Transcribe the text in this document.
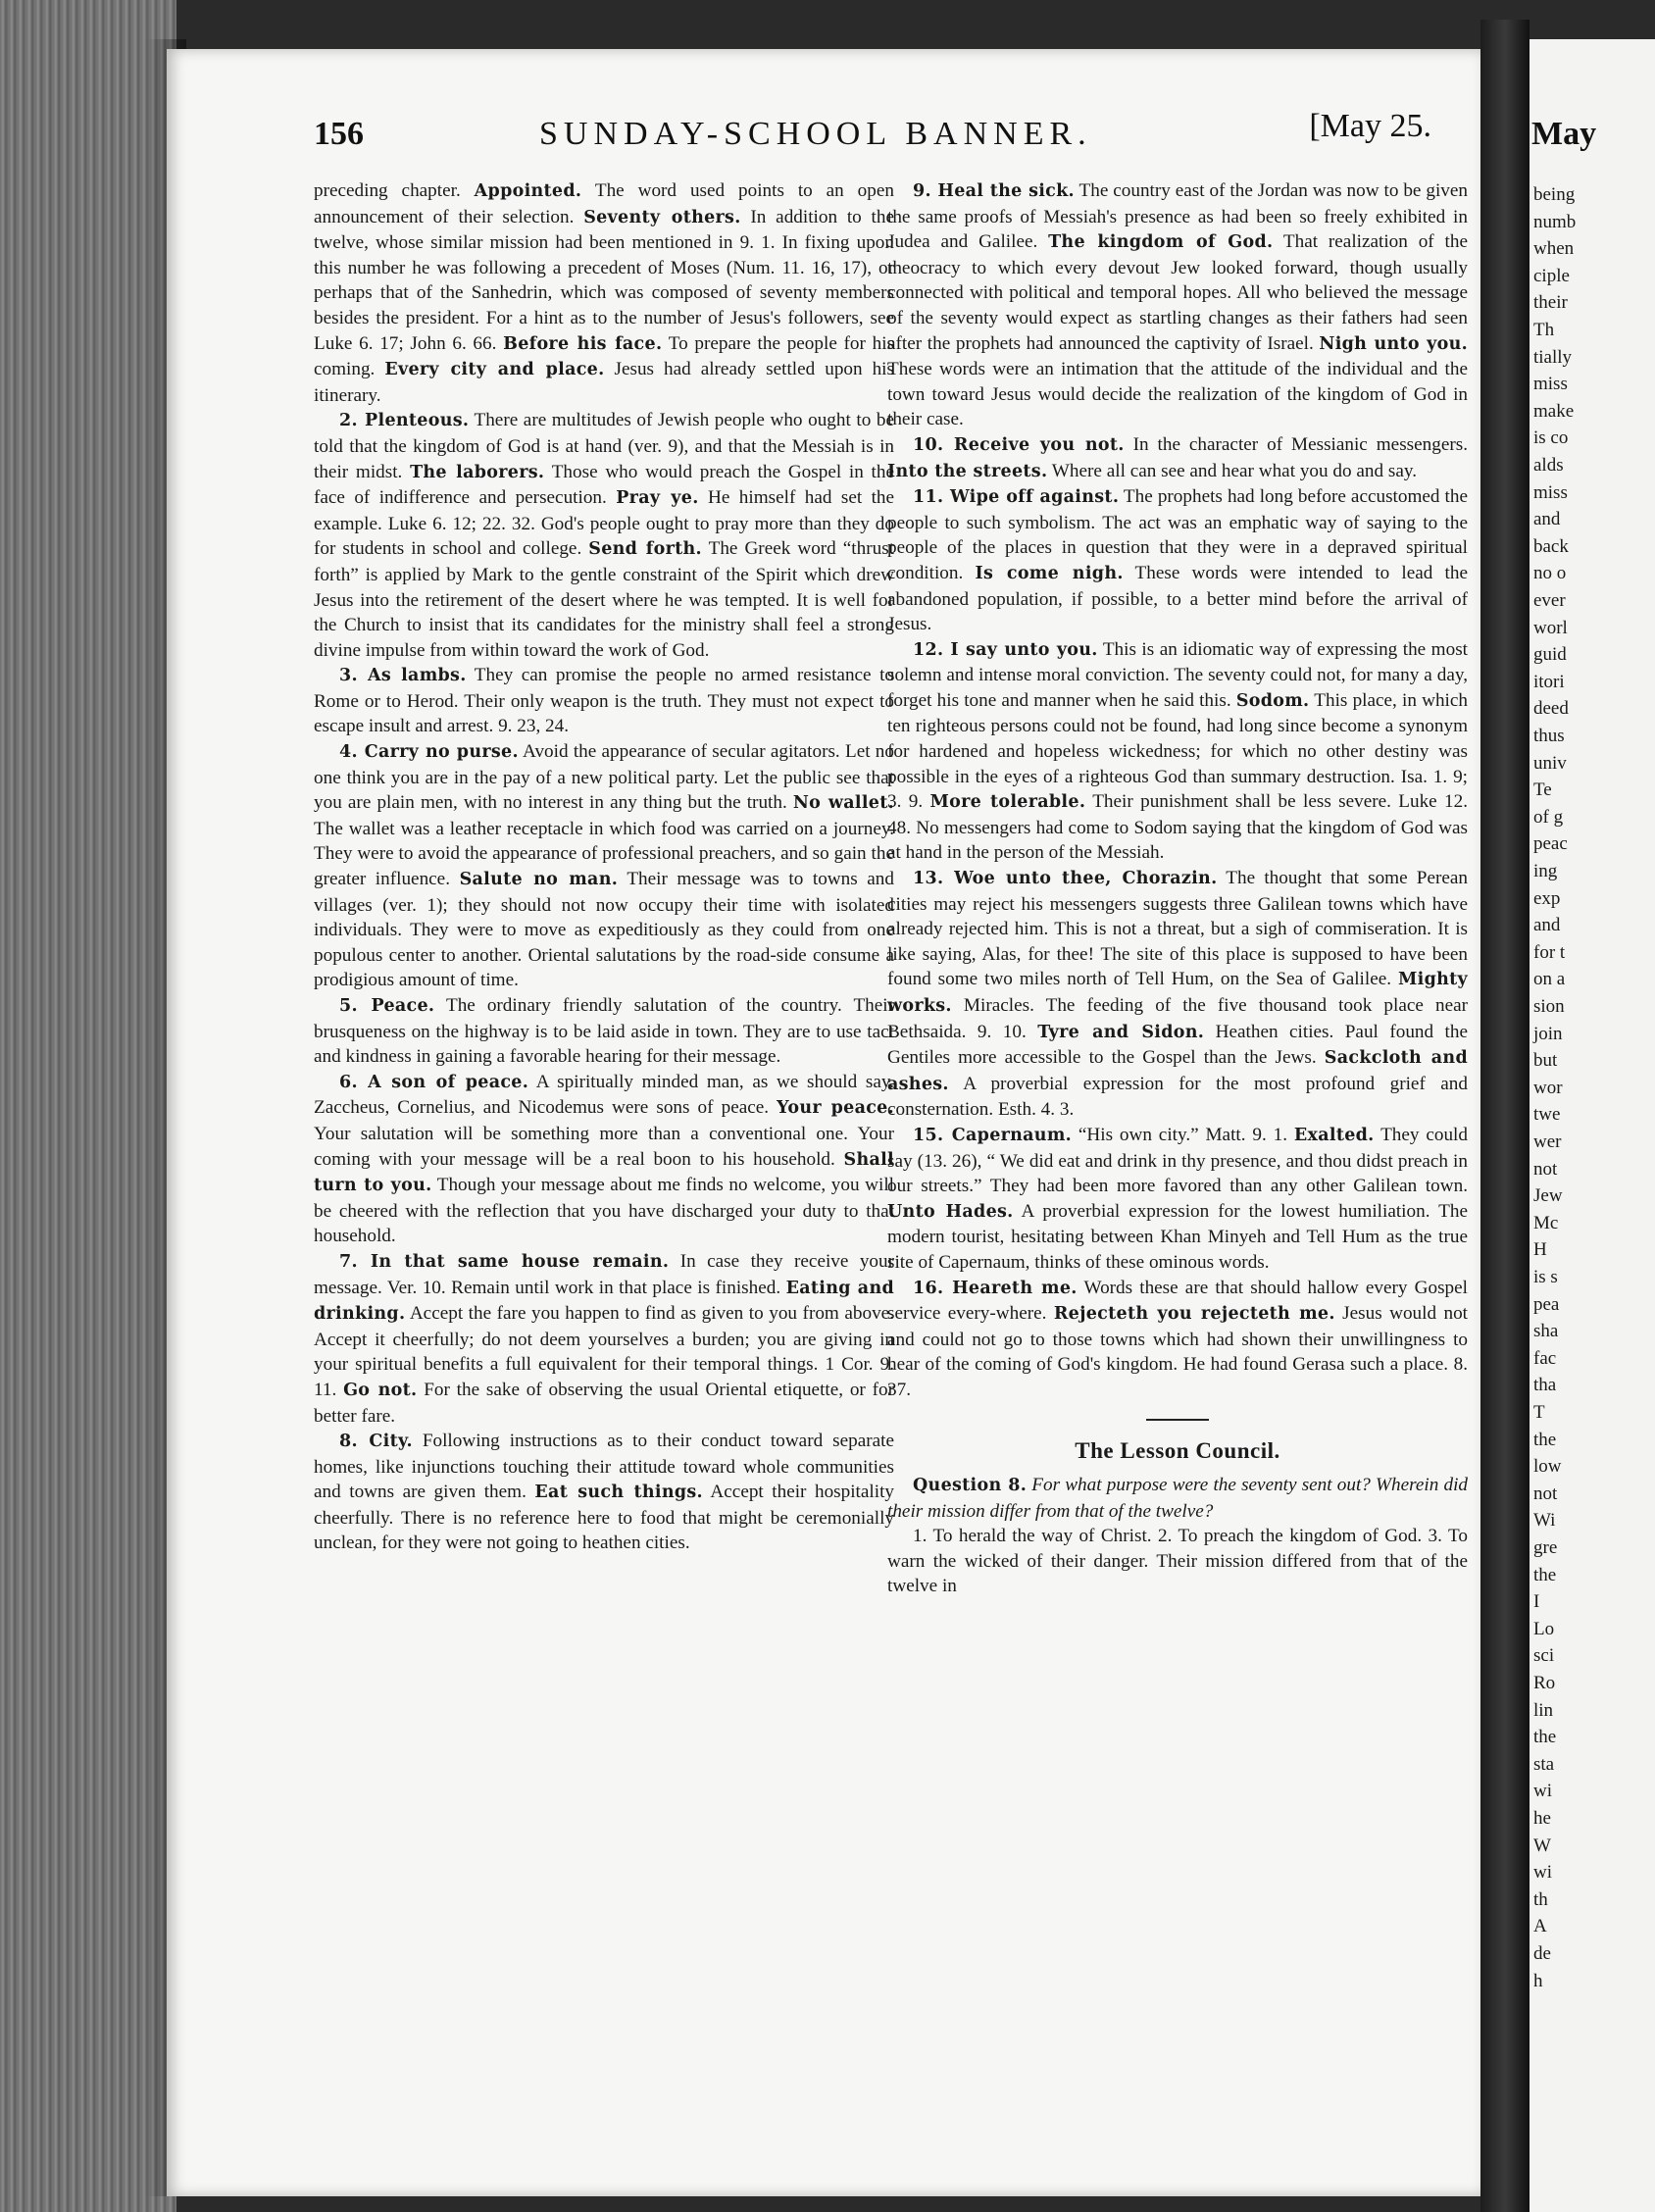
May
being
numb
when
ciple
their
Th
tially
miss
make
is co
alds
miss
and
back
no o
ever
worl
guid
itori
deed
thus
univ
Te
of g
peac
ing
exp
and
for t
on a
sion
join
but
wor
twe
wer
not
Jew
Mc
H
is s
pea
sha
fac
tha
T
the
low
not
Wi
gre
the
I
Lo
sci
Ro
lin
the
sta
wi
he
W
wi
th
A
de
h
156	SUNDAY-SCHOOL BANNER.	[May 25.

preceding chapter. Appointed. The word used points to an open announcement of their selection. Seventy others. In addition to the twelve, whose similar mission had been mentioned in 9. 1. In fixing upon this number he was following a precedent of Moses (Num. 11. 16, 17), or perhaps that of the Sanhedrin, which was composed of seventy members besides the president. For a hint as to the number of Jesus's followers, see Luke 6. 17; John 6. 66. Before his face. To prepare the people for his coming. Every city and place. Jesus had already settled upon his itinerary.

2. Plenteous. There are multitudes of Jewish people who ought to be told that the kingdom of God is at hand (ver. 9), and that the Messiah is in their midst. The laborers. Those who would preach the Gospel in the face of indifference and persecution. Pray ye. He himself had set the example. Luke 6. 12; 22. 32. God's people ought to pray more than they do for students in school and college. Send forth. The Greek word “thrust forth” is applied by Mark to the gentle constraint of the Spirit which drew Jesus into the retirement of the desert where he was tempted. It is well for the Church to insist that its candidates for the ministry shall feel a strong divine impulse from within toward the work of God.

3. As lambs. They can promise the people no armed resistance to Rome or to Herod. Their only weapon is the truth. They must not expect to escape insult and arrest. 9. 23, 24.

4. Carry no purse. Avoid the appearance of secular agitators. Let no one think you are in the pay of a new political party. Let the public see that you are plain men, with no interest in any thing but the truth. No wallet. The wallet was a leather receptacle in which food was carried on a journey. They were to avoid the appearance of professional preachers, and so gain the greater influence. Salute no man. Their message was to towns and villages (ver. 1); they should not now occupy their time with isolated individuals. They were to move as expeditiously as they could from one populous center to another. Oriental salutations by the road-side consume a prodigious amount of time.

5. Peace. The ordinary friendly salutation of the country. Their brusqueness on the highway is to be laid aside in town. They are to use tact and kindness in gaining a favorable hearing for their message.

6. A son of peace. A spiritually minded man, as we should say. Zaccheus, Cornelius, and Nicodemus were sons of peace. Your peace. Your salutation will be something more than a conventional one. Your coming with your message will be a real boon to his household. Shall turn to you. Though your message about me finds no welcome, you will be cheered with the reflection that you have discharged your duty to that household.

7. In that same house remain. In case they receive your message. Ver. 10. Remain until work in that place is finished. Eating and drinking. Accept the fare you happen to find as given to you from above. Accept it cheerfully; do not deem yourselves a burden; you are giving in your spiritual benefits a full equivalent for their temporal things. 1 Cor. 9. 11. Go not. For the sake of observing the usual Oriental etiquette, or for better fare.

8. City. Following instructions as to their conduct toward separate homes, like injunctions touching their attitude toward whole communities and towns are given them. Eat such things. Accept their hospitality cheerfully. There is no reference here to food that might be ceremonially unclean, for they were not going to heathen cities.

9. Heal the sick. The country east of the Jordan was now to be given the same proofs of Messiah's presence as had been so freely exhibited in Judea and Galilee. The kingdom of God. That realization of the theocracy to which every devout Jew looked forward, though usually connected with political and temporal hopes. All who believed the message of the seventy would expect as startling changes as their fathers had seen after the prophets had announced the captivity of Israel. Nigh unto you. These words were an intimation that the attitude of the individual and the town toward Jesus would decide the realization of the kingdom of God in their case.

10. Receive you not. In the character of Messianic messengers. Into the streets. Where all can see and hear what you do and say.

11. Wipe off against. The prophets had long before accustomed the people to such symbolism. The act was an emphatic way of saying to the people of the places in question that they were in a depraved spiritual condition. Is come nigh. These words were intended to lead the abandoned population, if possible, to a better mind before the arrival of Jesus.

12. I say unto you. This is an idiomatic way of expressing the most solemn and intense moral conviction. The seventy could not, for many a day, forget his tone and manner when he said this. Sodom. This place, in which ten righteous persons could not be found, had long since become a synonym for hardened and hopeless wickedness; for which no other destiny was possible in the eyes of a righteous God than summary destruction. Isa. 1. 9; 3. 9. More tolerable. Their punishment shall be less severe. Luke 12. 48. No messengers had come to Sodom saying that the kingdom of God was at hand in the person of the Messiah.

13. Woe unto thee, Chorazin. The thought that some Perean cities may reject his messengers suggests three Galilean towns which have already rejected him. This is not a threat, but a sigh of commiseration. It is like saying, Alas, for thee! The site of this place is supposed to have been found some two miles north of Tell Hum, on the Sea of Galilee. Mighty works. Miracles. The feeding of the five thousand took place near Bethsaida. 9. 10. Tyre and Sidon. Heathen cities. Paul found the Gentiles more accessible to the Gospel than the Jews. Sackcloth and ashes. A proverbial expression for the most profound grief and consternation. Esth. 4. 3.

15. Capernaum. “His own city.” Matt. 9. 1. Exalted. They could say (13. 26), “ We did eat and drink in thy presence, and thou didst preach in our streets.” They had been more favored than any other Galilean town. Unto Hades. A proverbial expression for the lowest humiliation. The modern tourist, hesitating between Khan Minyeh and Tell Hum as the true site of Capernaum, thinks of these ominous words.

16. Heareth me. Words these are that should hallow every Gospel service every-where. Rejecteth you rejecteth me. Jesus would not and could not go to those towns which had shown their unwillingness to hear of the coming of God's kingdom. He had found Gerasa such a place. 8. 37.

The Lesson Council.

Question 8. For what purpose were the seventy sent out? Wherein did their mission differ from that of the twelve?

1. To herald the way of Christ. 2. To preach the kingdom of God. 3. To warn the wicked of their danger. Their mission differed from that of the twelve in
